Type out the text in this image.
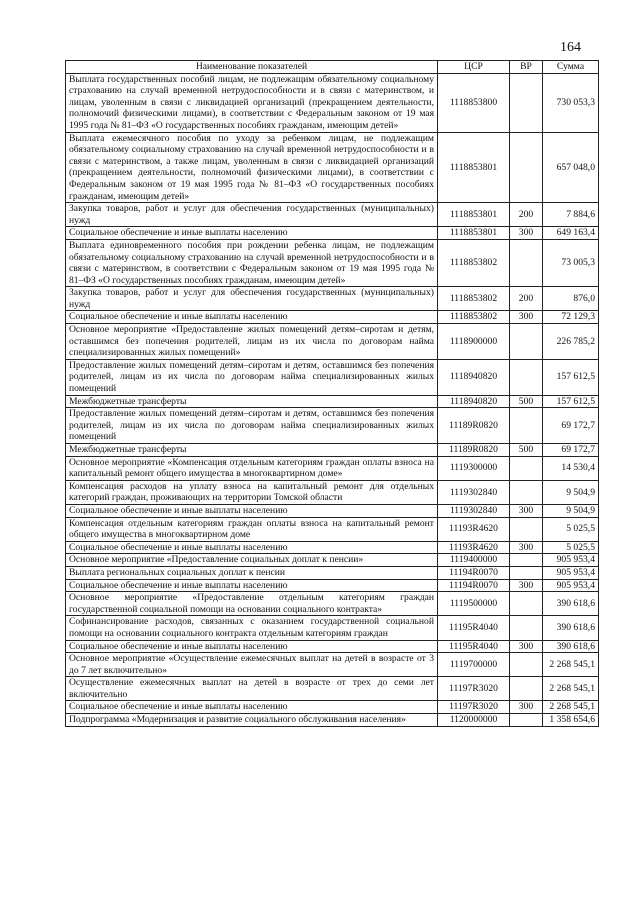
164
Наименование показателей	ЦСР	ВР	Сумма
Выплата государственных пособий лицам, не подлежащим обязательному социальному страхованию на случай временной нетрудоспособности и в связи с материнством, и лицам, уволенным в связи с ликвидацией организаций (прекращением деятельности, полномочий физическими лицами), в соответствии с Федеральным законом от 19 мая 1995 года № 81–ФЗ «О государственных пособиях гражданам, имеющим детей»	1118853800		730 053,3
Выплата ежемесячного пособия по уходу за ребенком лицам, не подлежащим обязательному социальному страхованию на случай временной нетрудоспособности и в связи с материнством, а также лицам, уволенным в связи с ликвидацией организаций (прекращением деятельности, полномочий физическими лицами), в соответствии с Федеральным законом от 19 мая 1995 года № 81–ФЗ «О государственных пособиях гражданам, имеющим детей»	1118853801		657 048,0
Закупка товаров, работ и услуг для обеспечения государственных (муниципальных) нужд	1118853801	200	7 884,6
Социальное обеспечение и иные выплаты населению	1118853801	300	649 163,4
Выплата единовременного пособия при рождении ребенка лицам, не подлежащим обязательному социальному страхованию на случай временной нетрудоспособности и в связи с материнством, в соответствии с Федеральным законом от 19 мая 1995 года № 81–ФЗ «О государственных пособиях гражданам, имеющим детей»	1118853802		73 005,3
Закупка товаров, работ и услуг для обеспечения государственных (муниципальных) нужд	1118853802	200	876,0
Социальное обеспечение и иные выплаты населению	1118853802	300	72 129,3
Основное мероприятие «Предоставление жилых помещений детям–сиротам и детям, оставшимся без попечения родителей, лицам из их числа по договорам найма специализированных жилых помещений»	1118900000		226 785,2
Предоставление жилых помещений детям–сиротам и детям, оставшимся без попечения родителей, лицам из их числа по договорам найма специализированных жилых помещений	1118940820		157 612,5
Межбюджетные трансферты	1118940820	500	157 612,5
Предоставление жилых помещений детям–сиротам и детям, оставшимся без попечения родителей, лицам из их числа по договорам найма специализированных жилых помещений	11189R0820		69 172,7
Межбюджетные трансферты	11189R0820	500	69 172,7
Основное мероприятие «Компенсация отдельным категориям граждан оплаты взноса на капитальный ремонт общего имущества в многоквартирном доме»	1119300000		14 530,4
Компенсация расходов на уплату взноса на капитальный ремонт для отдельных категорий граждан, проживающих на территории Томской области	1119302840		9 504,9
Социальное обеспечение и иные выплаты населению	1119302840	300	9 504,9
Компенсация отдельным категориям граждан оплаты взноса на капитальный ремонт общего имущества в многоквартирном доме	11193R4620		5 025,5
Социальное обеспечение и иные выплаты населению	11193R4620	300	5 025,5
Основное мероприятие «Предоставление социальных доплат к пенсии»	1119400000		905 953,4
Выплата региональных социальных доплат к пенсии	11194R0070		905 953,4
Социальное обеспечение и иные выплаты населению	11194R0070	300	905 953,4
Основное мероприятие «Предоставление отдельным категориям граждан государственной социальной помощи на основании социального контракта»	1119500000		390 618,6
Софинансирование расходов, связанных с оказанием государственной социальной помощи на основании социального контракта отдельным категориям граждан	11195R4040		390 618,6
Социальное обеспечение и иные выплаты населению	11195R4040	300	390 618,6
Основное мероприятие «Осуществление ежемесячных выплат на детей в возрасте от 3 до 7 лет включительно»	1119700000		2 268 545,1
Осуществление ежемесячных выплат на детей в возрасте от трех до семи лет включительно	11197R3020		2 268 545,1
Социальное обеспечение и иные выплаты населению	11197R3020	300	2 268 545,1
Подпрограмма «Модернизация и развитие социального обслуживания населения»	1120000000		1 358 654,6
